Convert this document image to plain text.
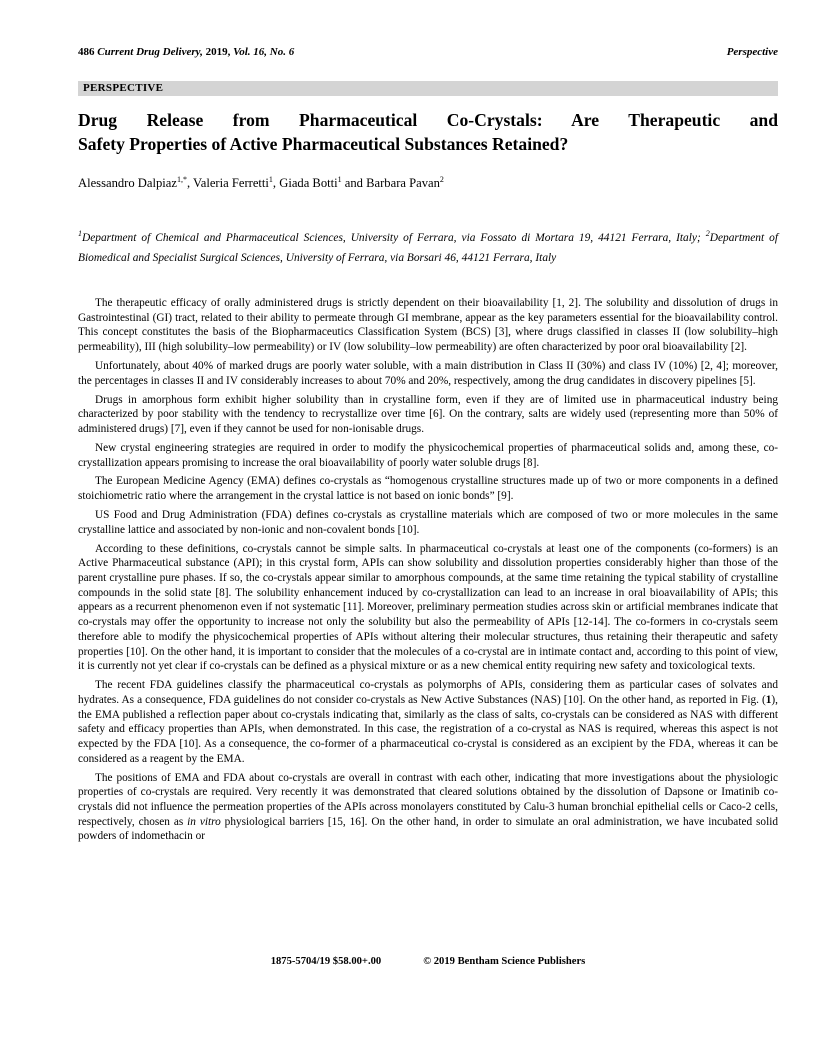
486 Current Drug Delivery, 2019, Vol. 16, No. 6	Perspective
PERSPECTIVE
Drug Release from Pharmaceutical Co-Crystals: Are Therapeutic and
Safety Properties of Active Pharmaceutical Substances Retained?
Alessandro Dalpiaz$^{1,*}$, Valeria Ferretti$^1$, Giada Botti$^1$ and Barbara Pavan$^2$
$^1$Department of Chemical and Pharmaceutical Sciences, University of Ferrara, via Fossato di Mortara 19, 44121 Ferrara, Italy; $^2$Department of Biomedical and Specialist Surgical Sciences, University of Ferrara, via Borsari 46, 44121 Ferrara, Italy

The therapeutic efficacy of orally administered drugs is strictly dependent on their bioavailability [1, 2]. The solubility and dissolution of drugs in Gastrointestinal (GI) tract, related to their ability to permeate through GI membrane, appear as the key parameters essential for the bioavailability control. This concept constitutes the basis of the Biopharmaceutics Classification System (BCS) [3], where drugs classified in classes II (low solubility–high permeability), III (high solubility–low permeability) or IV (low solubility–low permeability) are often characterized by poor oral bioavailability [2].

Unfortunately, about 40% of marked drugs are poorly water soluble, with a main distribution in Class II (30%) and class IV (10%) [2, 4]; moreover, the percentages in classes II and IV considerably increases to about 70% and 20%, respectively, among the drug candidates in discovery pipelines [5].

Drugs in amorphous form exhibit higher solubility than in crystalline form, even if they are of limited use in pharmaceutical industry being characterized by poor stability with the tendency to recrystallize over time [6]. On the contrary, salts are widely used (representing more than 50% of administered drugs) [7], even if they cannot be used for non-ionisable drugs.

New crystal engineering strategies are required in order to modify the physicochemical properties of pharmaceutical solids and, among these, co-crystallization appears promising to increase the oral bioavailability of poorly water soluble drugs [8].

The European Medicine Agency (EMA) defines co-crystals as “homogenous crystalline structures made up of two or more components in a defined stoichiometric ratio where the arrangement in the crystal lattice is not based on ionic bonds” [9].

US Food and Drug Administration (FDA) defines co-crystals as crystalline materials which are composed of two or more molecules in the same crystalline lattice and associated by non-ionic and non-covalent bonds [10].

According to these definitions, co-crystals cannot be simple salts. In pharmaceutical co-crystals at least one of the components (co-formers) is an Active Pharmaceutical substance (API); in this crystal form, APIs can show solubility and dissolution properties considerably higher than those of the parent crystalline pure phases. If so, the co-crystals appear similar to amorphous compounds, at the same time retaining the typical stability of crystalline compounds in the solid state [8]. The solubility enhancement induced by co-crystallization can lead to an increase in oral bioavailability of APIs; this appears as a recurrent phenomenon even if not systematic [11]. Moreover, preliminary permeation studies across skin or artificial membranes indicate that co-crystals may offer the opportunity to increase not only the solubility but also the permeability of APIs [12-14]. The co-formers in co-crystals seem therefore able to modify the physicochemical properties of APIs without altering their molecular structures, thus retaining their therapeutic and safety properties [10]. On the other hand, it is important to consider that the molecules of a co-crystal are in intimate contact and, according to this point of view, it is currently not yet clear if co-crystals can be defined as a physical mixture or as a new chemical entity requiring new safety and toxicological texts.

The recent FDA guidelines classify the pharmaceutical co-crystals as polymorphs of APIs, considering them as particular cases of solvates and hydrates. As a consequence, FDA guidelines do not consider co-crystals as New Active Substances (NAS) [10]. On the other hand, as reported in Fig. (1), the EMA published a reflection paper about co-crystals indicating that, similarly as the class of salts, co-crystals can be considered as NAS with different safety and efficacy properties than APIs, when demonstrated. In this case, the registration of a co-crystal as NAS is required, whereas this aspect is not expected by the FDA [10]. As a consequence, the co-former of a pharmaceutical co-crystal is considered as an excipient by the FDA, whereas it can be considered as a reagent by the EMA.

The positions of EMA and FDA about co-crystals are overall in contrast with each other, indicating that more investigations about the physiologic properties of co-crystals are required. Very recently it was demonstrated that cleared solutions obtained by the dissolution of Dapsone or Imatinib co-crystals did not influence the permeation properties of the APIs across monolayers constituted by Calu-3 human bronchial epithelial cells or Caco-2 cells, respectively, chosen as in vitro physiological barriers [15, 16]. On the other hand, in order to simulate an oral administration, we have incubated solid powders of indomethacin or

1875-5704/19 $58.00+.00	© 2019 Bentham Science Publishers
